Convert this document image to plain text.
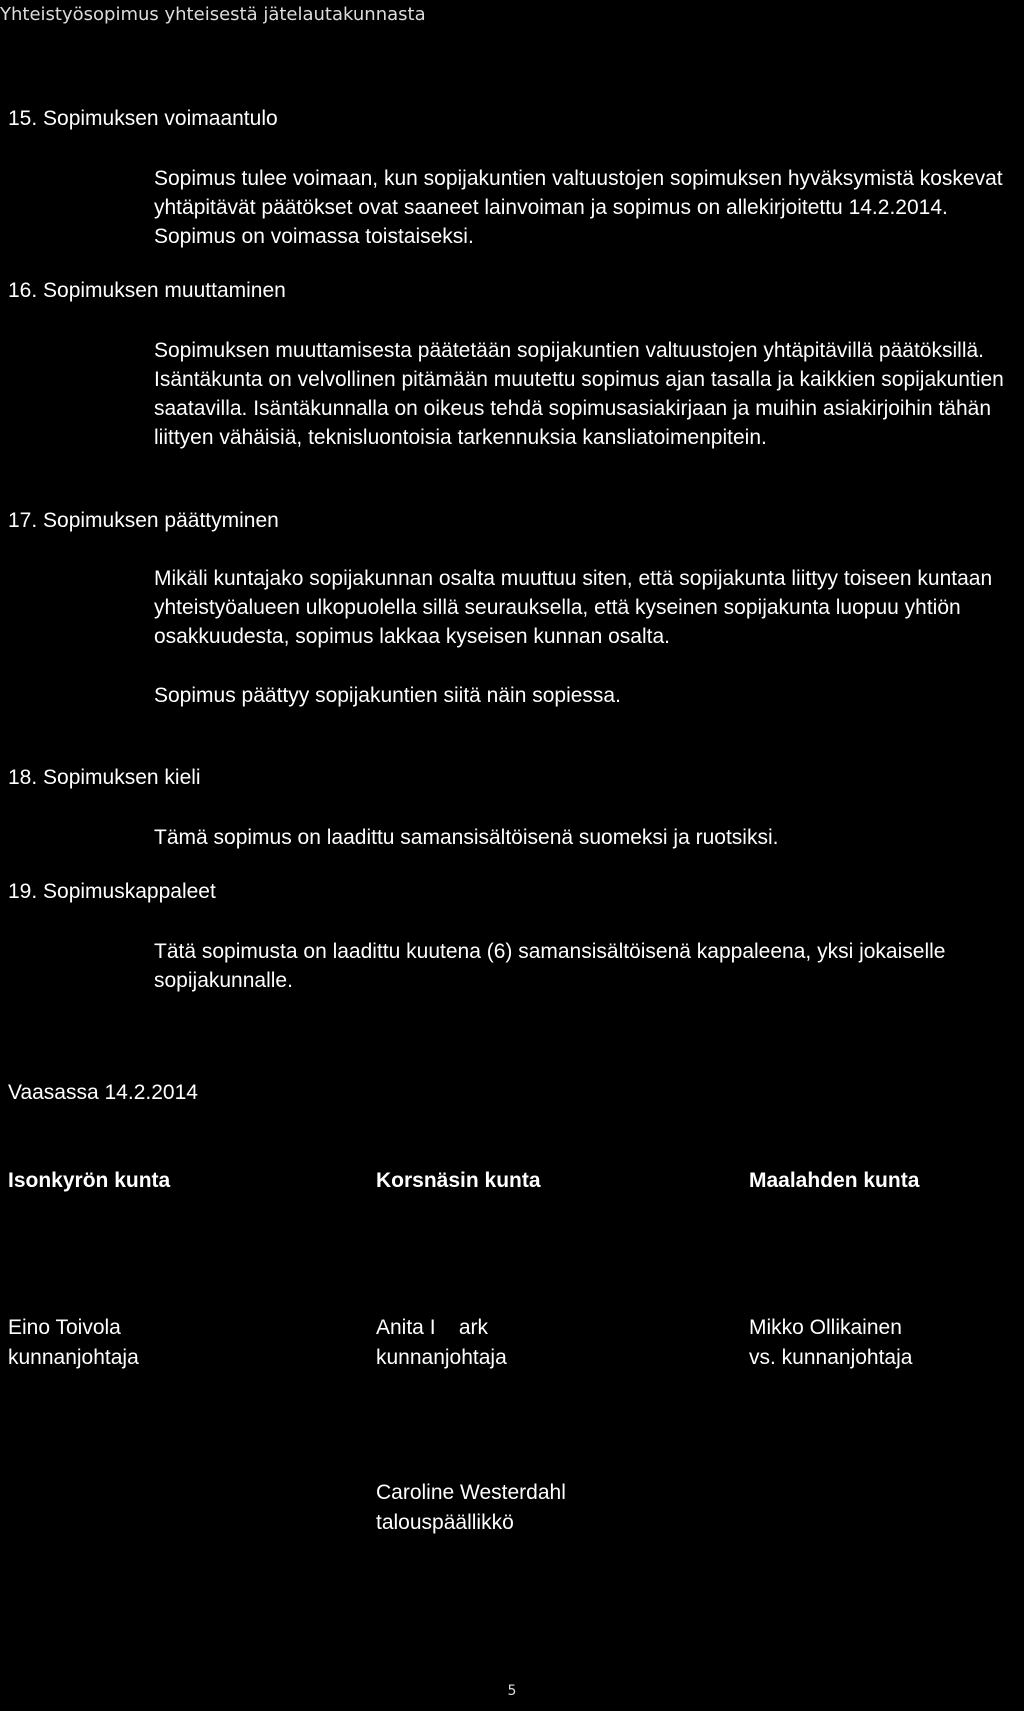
Yhteistyösopimus yhteisestä jätelautakunnasta
15. Sopimuksen voimaantulo

Sopimus tulee voimaan, kun sopijakuntien valtuustojen sopimuksen hyväksymistä koskevat yhtäpitävät päätökset ovat saaneet lainvoiman ja sopimus on allekirjoitettu 14.2.2014. Sopimus on voimassa toistaiseksi.

16. Sopimuksen muuttaminen

Sopimuksen muuttamisesta päätetään sopijakuntien valtuustojen yhtäpitävillä päätöksillä. Isäntäkunta on velvollinen pitämään muutettu sopimus ajan tasalla ja kaikkien sopijakuntien saatavilla. Isäntäkunnalla on oikeus tehdä sopimusasiakirjaan ja muihin asiakirjoihin tähän liittyen vähäisiä, teknisluontoisia tarkennuksia kansliatoimenpitein.

17. Sopimuksen päättyminen

Mikäli kuntajako sopijakunnan osalta muuttuu siten, että sopijakunta liittyy toiseen kuntaan yhteistyöalueen ulkopuolella sillä seurauksella, että kyseinen sopijakunta luopuu yhtiön osakkuudesta, sopimus lakkaa kyseisen kunnan osalta.

Sopimus päättyy sopijakuntien siitä näin sopiessa.

18. Sopimuksen kieli

Tämä sopimus on laadittu samansisältöisenä suomeksi ja ruotsiksi.

19. Sopimuskappaleet

Tätä sopimusta on laadittu kuutena (6) samansisältöisenä kappaleena, yksi jokaiselle sopijakunnalle.

Vaasassa 14.2.2014
Isonkyrön kunta
Eino Toivola
kunnanjohtaja
Korsnäsin kunta
Anita I    ark
kunnanjohtaja
Maalahden kunta
Mikko Ollikainen
vs. kunnanjohtaja
Caroline Westerdahl
talouspäällikkö
5
